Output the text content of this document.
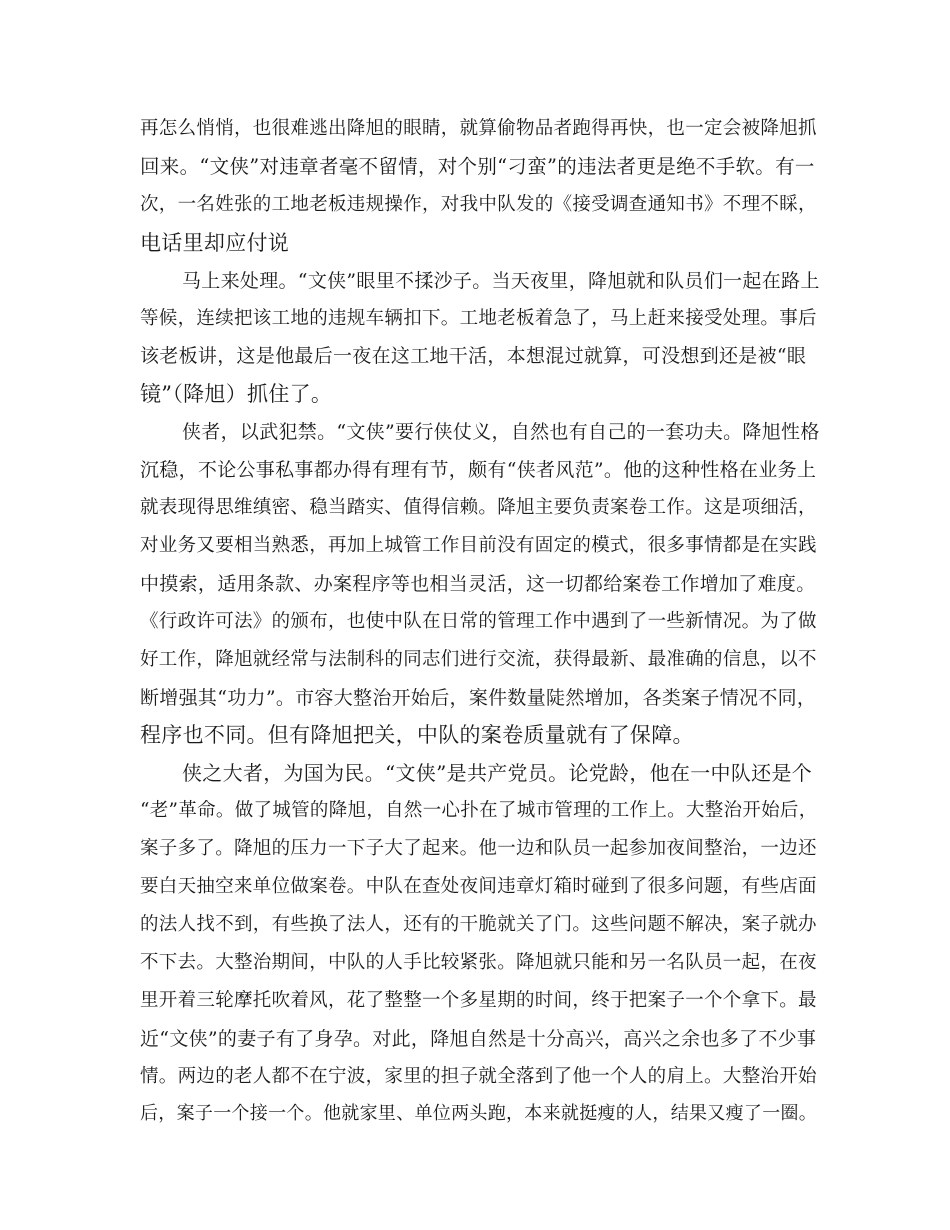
再怎么悄悄，也很难逃出降旭的眼睛，就算偷物品者跑得再快，也一定会被降旭抓
回来。“文侠”对违章者毫不留情，对个别“刁蛮”的违法者更是绝不手软。有一
次，一名姓张的工地老板违规操作，对我中队发的《接受调查通知书》不理不睬，
电话里却应付说
马上来处理。“文侠”眼里不揉沙子。当天夜里，降旭就和队员们一起在路上
等候，连续把该工地的违规车辆扣下。工地老板着急了，马上赶来接受处理。事后
该老板讲，这是他最后一夜在这工地干活，本想混过就算，可没想到还是被“眼
镜”（降旭）抓住了。
侠者，以武犯禁。“文侠”要行侠仗义，自然也有自己的一套功夫。降旭性格
沉稳，不论公事私事都办得有理有节，颇有“侠者风范”。他的这种性格在业务上
就表现得思维缜密、稳当踏实、值得信赖。降旭主要负责案卷工作。这是项细活，
对业务又要相当熟悉，再加上城管工作目前没有固定的模式，很多事情都是在实践
中摸索，适用条款、办案程序等也相当灵活，这一切都给案卷工作增加了难度。
《行政许可法》的颁布，也使中队在日常的管理工作中遇到了一些新情况。为了做
好工作，降旭就经常与法制科的同志们进行交流，获得最新、最准确的信息，以不
断增强其“功力”。市容大整治开始后，案件数量陡然增加，各类案子情况不同，
程序也不同。但有降旭把关，中队的案卷质量就有了保障。
侠之大者，为国为民。“文侠”是共产党员。论党龄，他在一中队还是个
“老”革命。做了城管的降旭，自然一心扑在了城市管理的工作上。大整治开始后，
案子多了。降旭的压力一下子大了起来。他一边和队员一起参加夜间整治，一边还
要白天抽空来单位做案卷。中队在查处夜间违章灯箱时碰到了很多问题，有些店面
的法人找不到，有些换了法人，还有的干脆就关了门。这些问题不解决，案子就办
不下去。大整治期间，中队的人手比较紧张。降旭就只能和另一名队员一起，在夜
里开着三轮摩托吹着风，花了整整一个多星期的时间，终于把案子一个个拿下。最
近“文侠”的妻子有了身孕。对此，降旭自然是十分高兴，高兴之余也多了不少事
情。两边的老人都不在宁波，家里的担子就全落到了他一个人的肩上。大整治开始
后，案子一个接一个。他就家里、单位两头跑，本来就挺瘦的人，结果又瘦了一圈。
